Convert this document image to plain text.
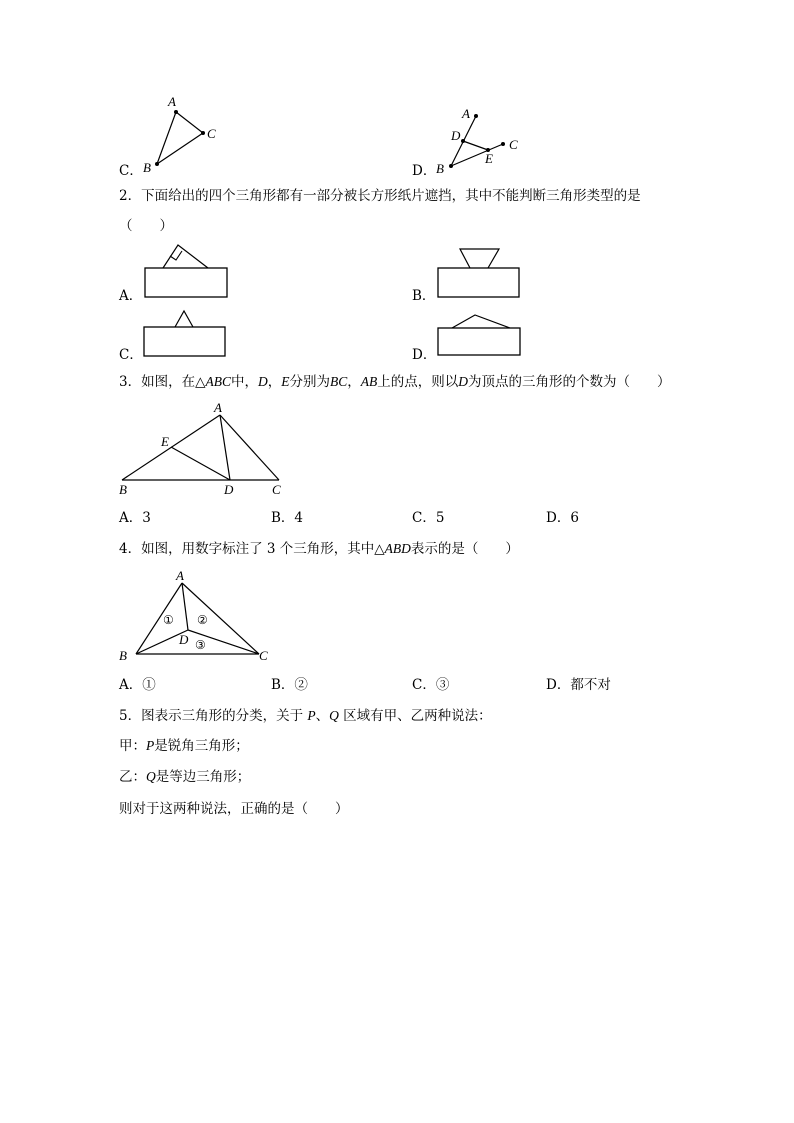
C．
A
C
B
A
D
C
E
B
D．
2．下面给出的四个三角形都有一部分被长方形纸片遮挡，其中不能判断三角形类型的是
（　　）
A．	B．
C．	D．
3．如图，在△ABC中，D，E分别为BC，AB上的点，则以D为顶点的三角形的个数为（　　）
A
E
B	D	C
A．3	B．4	C．5	D．6
4．如图，用数字标注了 3 个三角形，其中△ABD表示的是（　　）
A
B	C
D
① ②
③
A．①	B．②	C．③	D．都不对
5．图表示三角形的分类，关于 P、Q 区域有甲、乙两种说法：
甲：P是锐角三角形；
乙：Q是等边三角形；
则对于这两种说法，正确的是（　　）
